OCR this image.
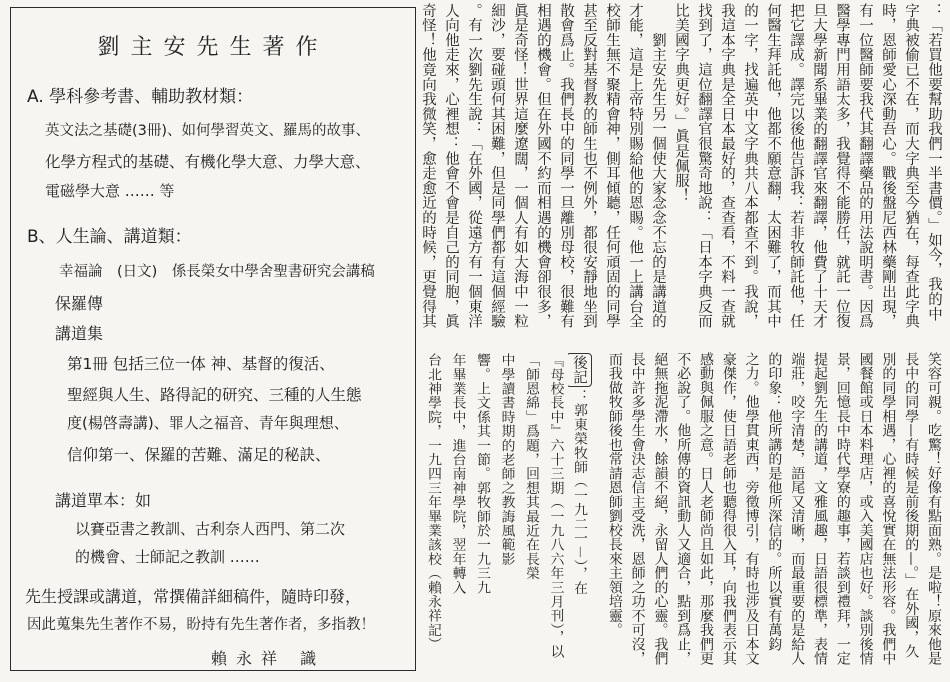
劉主安先生著作
A. 學科參考書、輔助教材類：
英文法之基礎(3冊)、如何學習英文、羅馬的故事、
化學方程式的基礎、有機化學大意、力學大意、
電磁學大意 …… 等
B、人生論、講道類：
幸福論　(日文)　係長榮女中學舍聖書研究会講稿
保羅傳
講道集
第1冊 包括三位一体 神、基督的復活、
聖經與人生、路得記的研究、三種的人生態
度(楊啓壽講)、罪人之福音、青年與理想、
信仰第一、保羅的苦難、滿足的秘訣、
講道單本：如
以賽亞書之教訓、古利奈人西門、第二次
的機會、士師記之教訓 ……
先生授課或講道，常撰備詳細稿件，隨時印發，
因此蒐集先生著作不易，盼持有先生著作者，多指教！
賴永祥 識
：「若買他要幫助我們一半書價。」如今，我的中
字典被偷已不在，而大字典至今猶在，每查此字典
時，恩師愛心深動吾心。戰後盤尼西林藥剛出現，
有一位醫師要我代其翻譯藥品的用法說明書。因爲
醫學專門用語太多，我覺得不能勝任，就託一位復
旦大學新聞系畢業的翻譯官來翻譯，他費了十天才
把它譯成。譯完以後他告訴我：若非牧師託他，任
何醫生拜託他，他都不願意翻，太困難了，而其中
的一字，找遍英中文字典共八本都查不到。我說，
我這本字典是全日本最好的，查查看，不料一查就
找到了，這位翻譯官很驚奇地說：「日本字典反而
比美國字典更好。」眞是佩服！
　　劉主安先生另一個使大家念念不忘的是講道的
才能，這是上帝特別賜給他的恩賜。他一上講台全
校師生無不聚精會神，側耳傾聽，任何頑固的同學
甚至反對基督教的師生也不例外，都很安靜地坐到
散會爲止。我們長中的同學一旦離別母校，很難有
相遇的機會。但在外國不約而相遇的機會卻很多，
眞是奇怪！世界這麼遼闊，一個人有如大海中一粒
細沙，要碰頭何其困難，但是同學們都有這個經驗
。有一次劉先生說：「在外國，從遠方有一個東洋
人向他走來，心裡想：他會不會是自己的同胞，眞
奇怪！他竟向我微笑，愈走愈近的時候，更覺得其
笑容可親。吃驚！好像有點面熟。是啦！原來他是
長中的同學—有時候是前後期的—。」在外國，久
別的同學相遇，心裡的喜悅實在無法形容。我們中
國餐館或日本料理店，或入美國店也好。談別後情
景，回憶長中時代學寮的趣事，若談到禮拜，一定
提起劉先生的講道，文雅風趣，日語很標準，表情
端莊，咬字清楚，語尾又清晰，而最重要的是給人
的印象：他所講的是他所深信的。所以實有萬鈞
之力。他學貫東西，旁徵博引，有時也涉及日本文
豪傑作，使日語老師也聽得很入耳，向我們表示其
感動與佩服之意。日人老師尚且如此，那麼我們更
不必說了。他所傳的資訊動人又適合，點到爲止，
絕無拖泥滯水，餘韻不絕，永留人們的心靈。我們
長中許多學生會決志信主受洗，恩師之功不可沒，
而我做牧師後也常請恩師劉校長來主領培靈。
後記：郭東榮牧師（一九二一－），在
『母校長中』六十三期（一九八六年三月刊），以
「師恩綿」爲題，回想其最近在長榮
中學讀書時期的老師之教誨風範影
響。上文係其一節。郭牧師於一九三九
年畢業長中，進台南神學院，翌年轉入
台北神學院，一九四三年畢業該校（賴永祥記）
